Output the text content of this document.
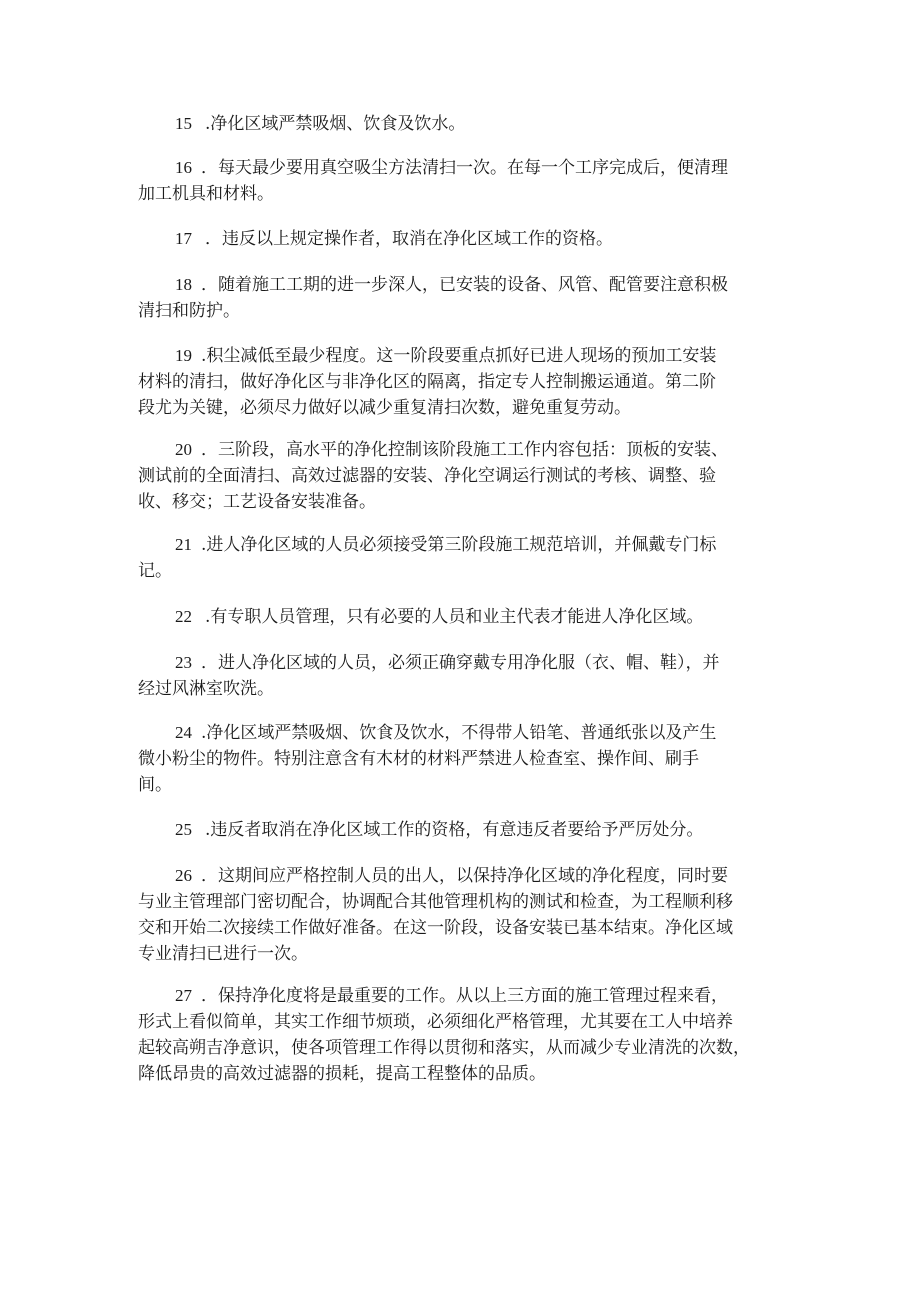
15 .净化区域严禁吸烟、饮食及饮水。
16 ．每天最少要用真空吸尘方法清扫一次。在每一个工序完成后，便清理
加工机具和材料。
17 ．违反以上规定操作者，取消在净化区域工作的资格。
18 ．随着施工工期的进一步深人，已安装的设备、风管、配管要注意积极
清扫和防护。
19 .积尘减低至最少程度。这一阶段要重点抓好已进人现场的预加工安装
材料的清扫，做好净化区与非净化区的隔离，指定专人控制搬运通道。第二阶
段尤为关键，必须尽力做好以减少重复清扫次数，避免重复劳动。
20 ．三阶段，高水平的净化控制该阶段施工工作内容包括：顶板的安装、
测试前的全面清扫、高效过滤器的安装、净化空调运行测试的考核、调整、验
收、移交；工艺设备安装准备。
21 .进人净化区域的人员必须接受第三阶段施工规范培训，并佩戴专门标
记。
22 .有专职人员管理，只有必要的人员和业主代表才能进人净化区域。
23 ．进人净化区域的人员，必须正确穿戴专用净化服（衣、帽、鞋），并
经过风淋室吹洗。
24 .净化区域严禁吸烟、饮食及饮水，不得带人铅笔、普通纸张以及产生
微小粉尘的物件。特别注意含有木材的材料严禁进人检查室、操作间、刷手
间。
25 .违反者取消在净化区域工作的资格，有意违反者要给予严厉处分。
26 ．这期间应严格控制人员的出人，以保持净化区域的净化程度，同时要
与业主管理部门密切配合，协调配合其他管理机构的测试和检查，为工程顺利移
交和开始二次接续工作做好准备。在这一阶段，设备安装已基本结束。净化区域
专业清扫已进行一次。
27 ．保持净化度将是最重要的工作。从以上三方面的施工管理过程来看，
形式上看似简单，其实工作细节烦琐，必须细化严格管理，尤其要在工人中培养
起较高朔吉净意识，使各项管理工作得以贯彻和落实，从而减少专业清洗的次数，
降低昂贵的高效过滤器的损耗，提高工程整体的品质。
